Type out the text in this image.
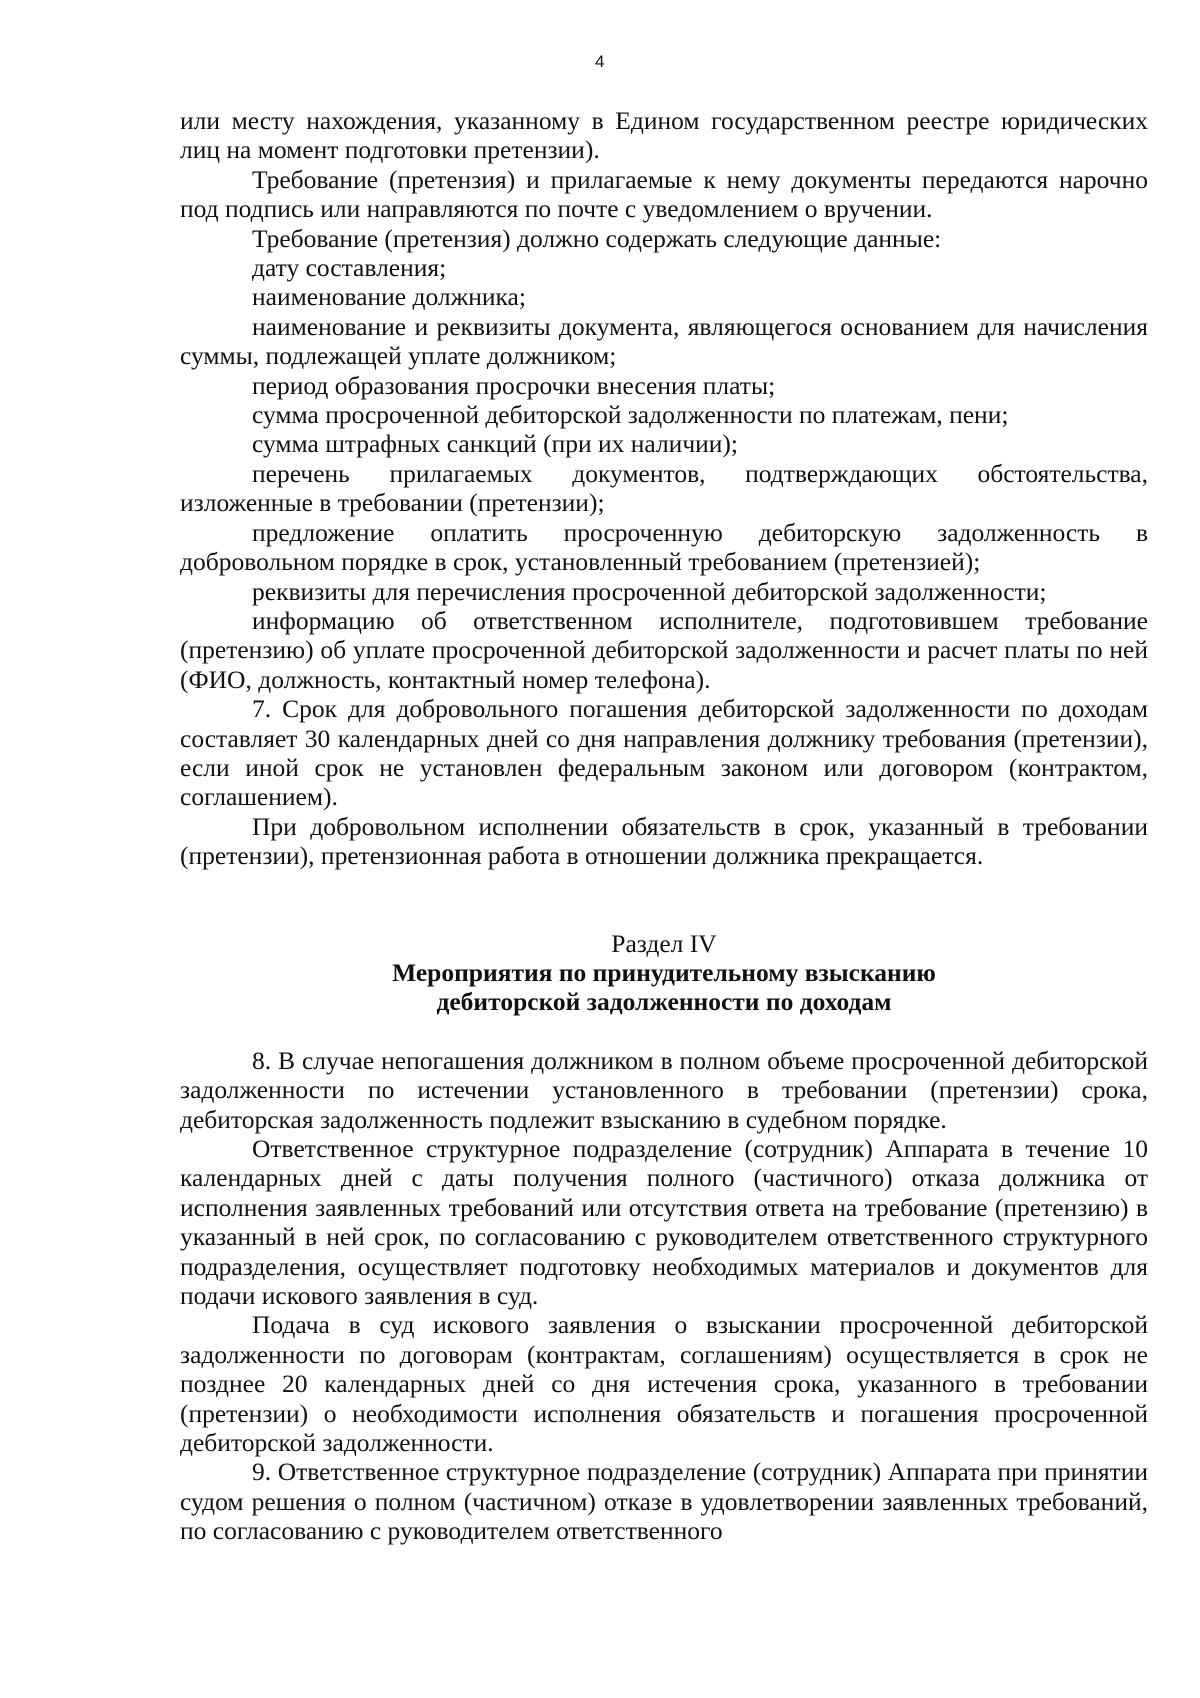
4

или месту нахождения, указанному в Едином государственном реестре юридических лиц на момент подготовки претензии).

Требование (претензия) и прилагаемые к нему документы передаются нарочно под подпись или направляются по почте с уведомлением о вручении.

Требование (претензия) должно содержать следующие данные:

дату составления;

наименование должника;

наименование и реквизиты документа, являющегося основанием для начисления суммы, подлежащей уплате должником;

период образования просрочки внесения платы;

сумма просроченной дебиторской задолженности по платежам, пени;

сумма штрафных санкций (при их наличии);

перечень прилагаемых документов, подтверждающих обстоятельства, изложенные в требовании (претензии);

предложение оплатить просроченную дебиторскую задолженность в добровольном порядке в срок, установленный требованием (претензией);

реквизиты для перечисления просроченной дебиторской задолженности;

информацию об ответственном исполнителе, подготовившем требование (претензию) об уплате просроченной дебиторской задолженности и расчет платы по ней (ФИО, должность, контактный номер телефона).

7. Срок для добровольного погашения дебиторской задолженности по доходам составляет 30 календарных дней со дня направления должнику требования (претензии), если иной срок не установлен федеральным законом или договором (контрактом, соглашением).

При добровольном исполнении обязательств в срок, указанный в требовании (претензии), претензионная работа в отношении должника прекращается.

Раздел IV

Мероприятия по принудительному взысканию

дебиторской задолженности по доходам

8. В случае непогашения должником в полном объеме просроченной дебиторской задолженности по истечении установленного в требовании (претензии) срока, дебиторская задолженность подлежит взысканию в судебном порядке.

Ответственное структурное подразделение (сотрудник) Аппарата в течение 10 календарных дней с даты получения полного (частичного) отказа должника от исполнения заявленных требований или отсутствия ответа на требование (претензию) в указанный в ней срок, по согласованию с руководителем ответственного структурного подразделения, осуществляет подготовку необходимых материалов и документов для подачи искового заявления в суд.

Подача в суд искового заявления о взыскании просроченной дебиторской задолженности по договорам (контрактам, соглашениям) осуществляется в срок не позднее 20 календарных дней со дня истечения срока, указанного в требовании (претензии) о необходимости исполнения обязательств и погашения просроченной дебиторской задолженности.

9. Ответственное структурное подразделение (сотрудник) Аппарата при принятии судом решения о полном (частичном) отказе в удовлетворении заявленных требований, по согласованию с руководителем ответственного
